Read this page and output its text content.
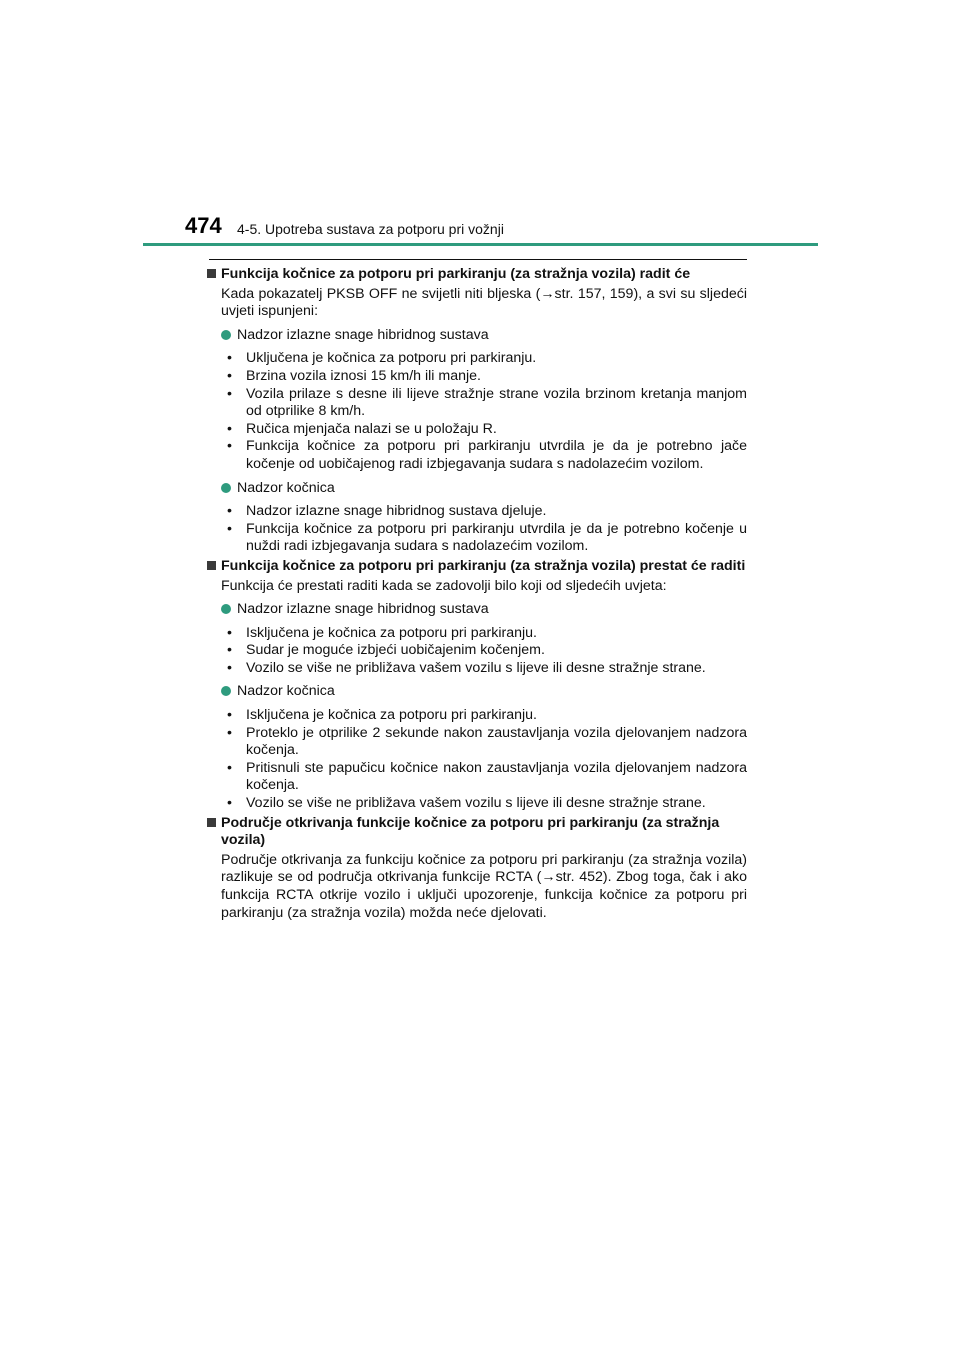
474 4-5. Upotreba sustava za potporu pri vožnji
Funkcija kočnice za potporu pri parkiranju (za stražnja vozila) radit će

Kada pokazatelj PKSB OFF ne svijetli niti bljeska (→str. 157, 159), a svi su sljedeći uvjeti ispunjeni:

Nadzor izlazne snage hibridnog sustava
• Uključena je kočnica za potporu pri parkiranju.
• Brzina vozila iznosi 15 km/h ili manje.
• Vozila prilaze s desne ili lijeve stražnje strane vozila brzinom kretanja manjom od otprilike 8 km/h.
• Ručica mjenjača nalazi se u položaju R.
• Funkcija kočnice za potporu pri parkiranju utvrdila je da je potrebno jače kočenje od uobičajenog radi izbjegavanja sudara s nadolazećim vozilom.
Nadzor kočnica
• Nadzor izlazne snage hibridnog sustava djeluje.
• Funkcija kočnice za potporu pri parkiranju utvrdila je da je potrebno kočenje u nuždi radi izbjegavanja sudara s nadolazećim vozilom.
Funkcija kočnice za potporu pri parkiranju (za stražnja vozila) prestat će raditi

Funkcija će prestati raditi kada se zadovolji bilo koji od sljedećih uvjeta:

Nadzor izlazne snage hibridnog sustava
• Isključena je kočnica za potporu pri parkiranju.
• Sudar je moguće izbjeći uobičajenim kočenjem.
• Vozilo se više ne približava vašem vozilu s lijeve ili desne stražnje strane.
Nadzor kočnica
• Isključena je kočnica za potporu pri parkiranju.
• Proteklo je otprilike 2 sekunde nakon zaustavljanja vozila djelovanjem nadzora kočenja.
• Pritisnuli ste papučicu kočnice nakon zaustavljanja vozila djelovanjem nadzora kočenja.
• Vozilo se više ne približava vašem vozilu s lijeve ili desne stražnje strane.
Područje otkrivanja funkcije kočnice za potporu pri parkiranju (za stražnja vozila)

Područje otkrivanja za funkciju kočnice za potporu pri parkiranju (za stražnja vozila) razlikuje se od područja otkrivanja funkcije RCTA (→str. 452). Zbog toga, čak i ako funkcija RCTA otkrije vozilo i uključi upozorenje, funkcija kočnice za potporu pri parkiranju (za stražnja vozila) možda neće djelovati.
